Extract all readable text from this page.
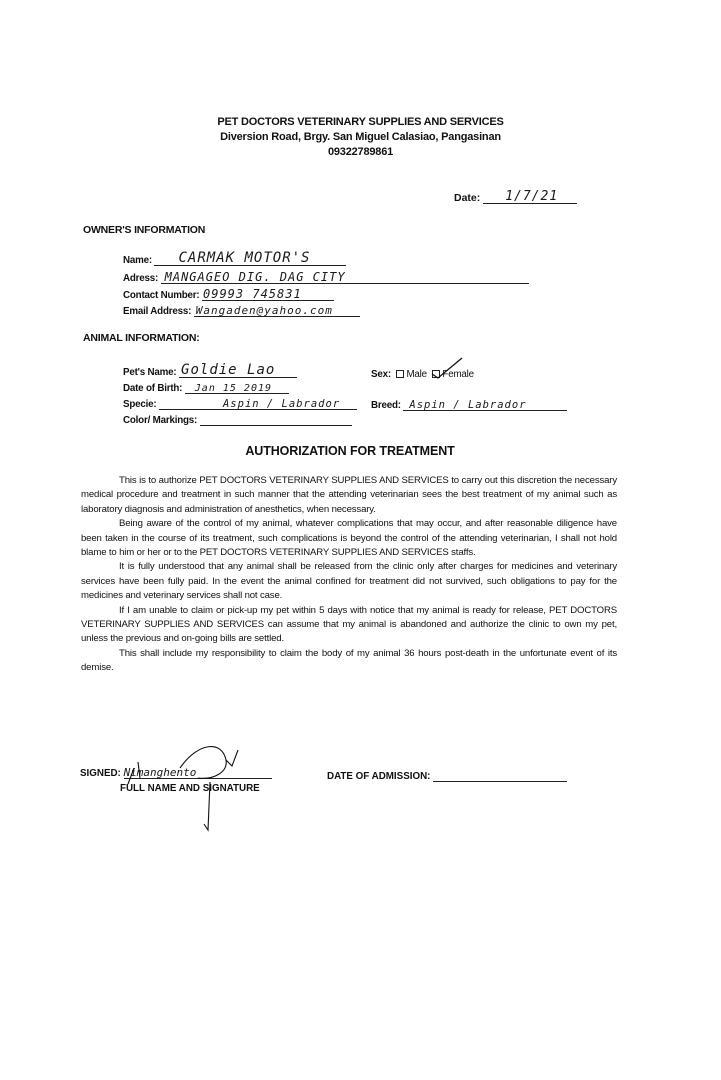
PET DOCTORS VETERINARY SUPPLIES AND SERVICES
Diversion Road, Brgy. San Miguel Calasiao, Pangasinan
09322789861
Date: 1/7/21
OWNER'S INFORMATION
Name: CARMAK MOTOR'S
Adress: MANGAGEO DIG. DAG CITY
Contact Number: 09993 745831
Email Address: Wangaden@yahoo.com
ANIMAL INFORMATION:
Pet's Name: Goldie Lao	Sex: Male Female
Date of Birth: Jan 15 2019
Specie:	Aspin / Labrador	Breed: Aspin / Labrador
Color/ Markings:
AUTHORIZATION FOR TREATMENT

This is to authorize PET DOCTORS VETERINARY SUPPLIES AND SERVICES to carry out this discretion the necessary medical procedure and treatment in such manner that the attending veterinarian sees the best treatment of my animal such as laboratory diagnosis and administration of anesthetics, when necessary.

Being aware of the control of my animal, whatever complications that may occur, and after reasonable diligence have been taken in the course of its treatment, such complications is beyond the control of the attending veterinarian, I shall not hold blame to him or her or to the PET DOCTORS VETERINARY SUPPLIES AND SERVICES staffs.

It is fully understood that any animal shall be released from the clinic only after charges for medicines and veterinary services have been fully paid. In the event the animal confined for treatment did not survived, such obligations to pay for the medicines and veterinary services shall not case.

If I am unable to claim or pick-up my pet within 5 days with notice that my animal is ready for release, PET DOCTORS VETERINARY SUPPLIES AND SERVICES can assume that my animal is abandoned and authorize the clinic to own my pet, unless the previous and on-going bills are settled.

This shall include my responsibility to claim the body of my animal 36 hours post-death in the unfortunate event of its demise.

SIGNED: Nimanghento
FULL NAME AND SIGNATURE
DATE OF ADMISSION:
